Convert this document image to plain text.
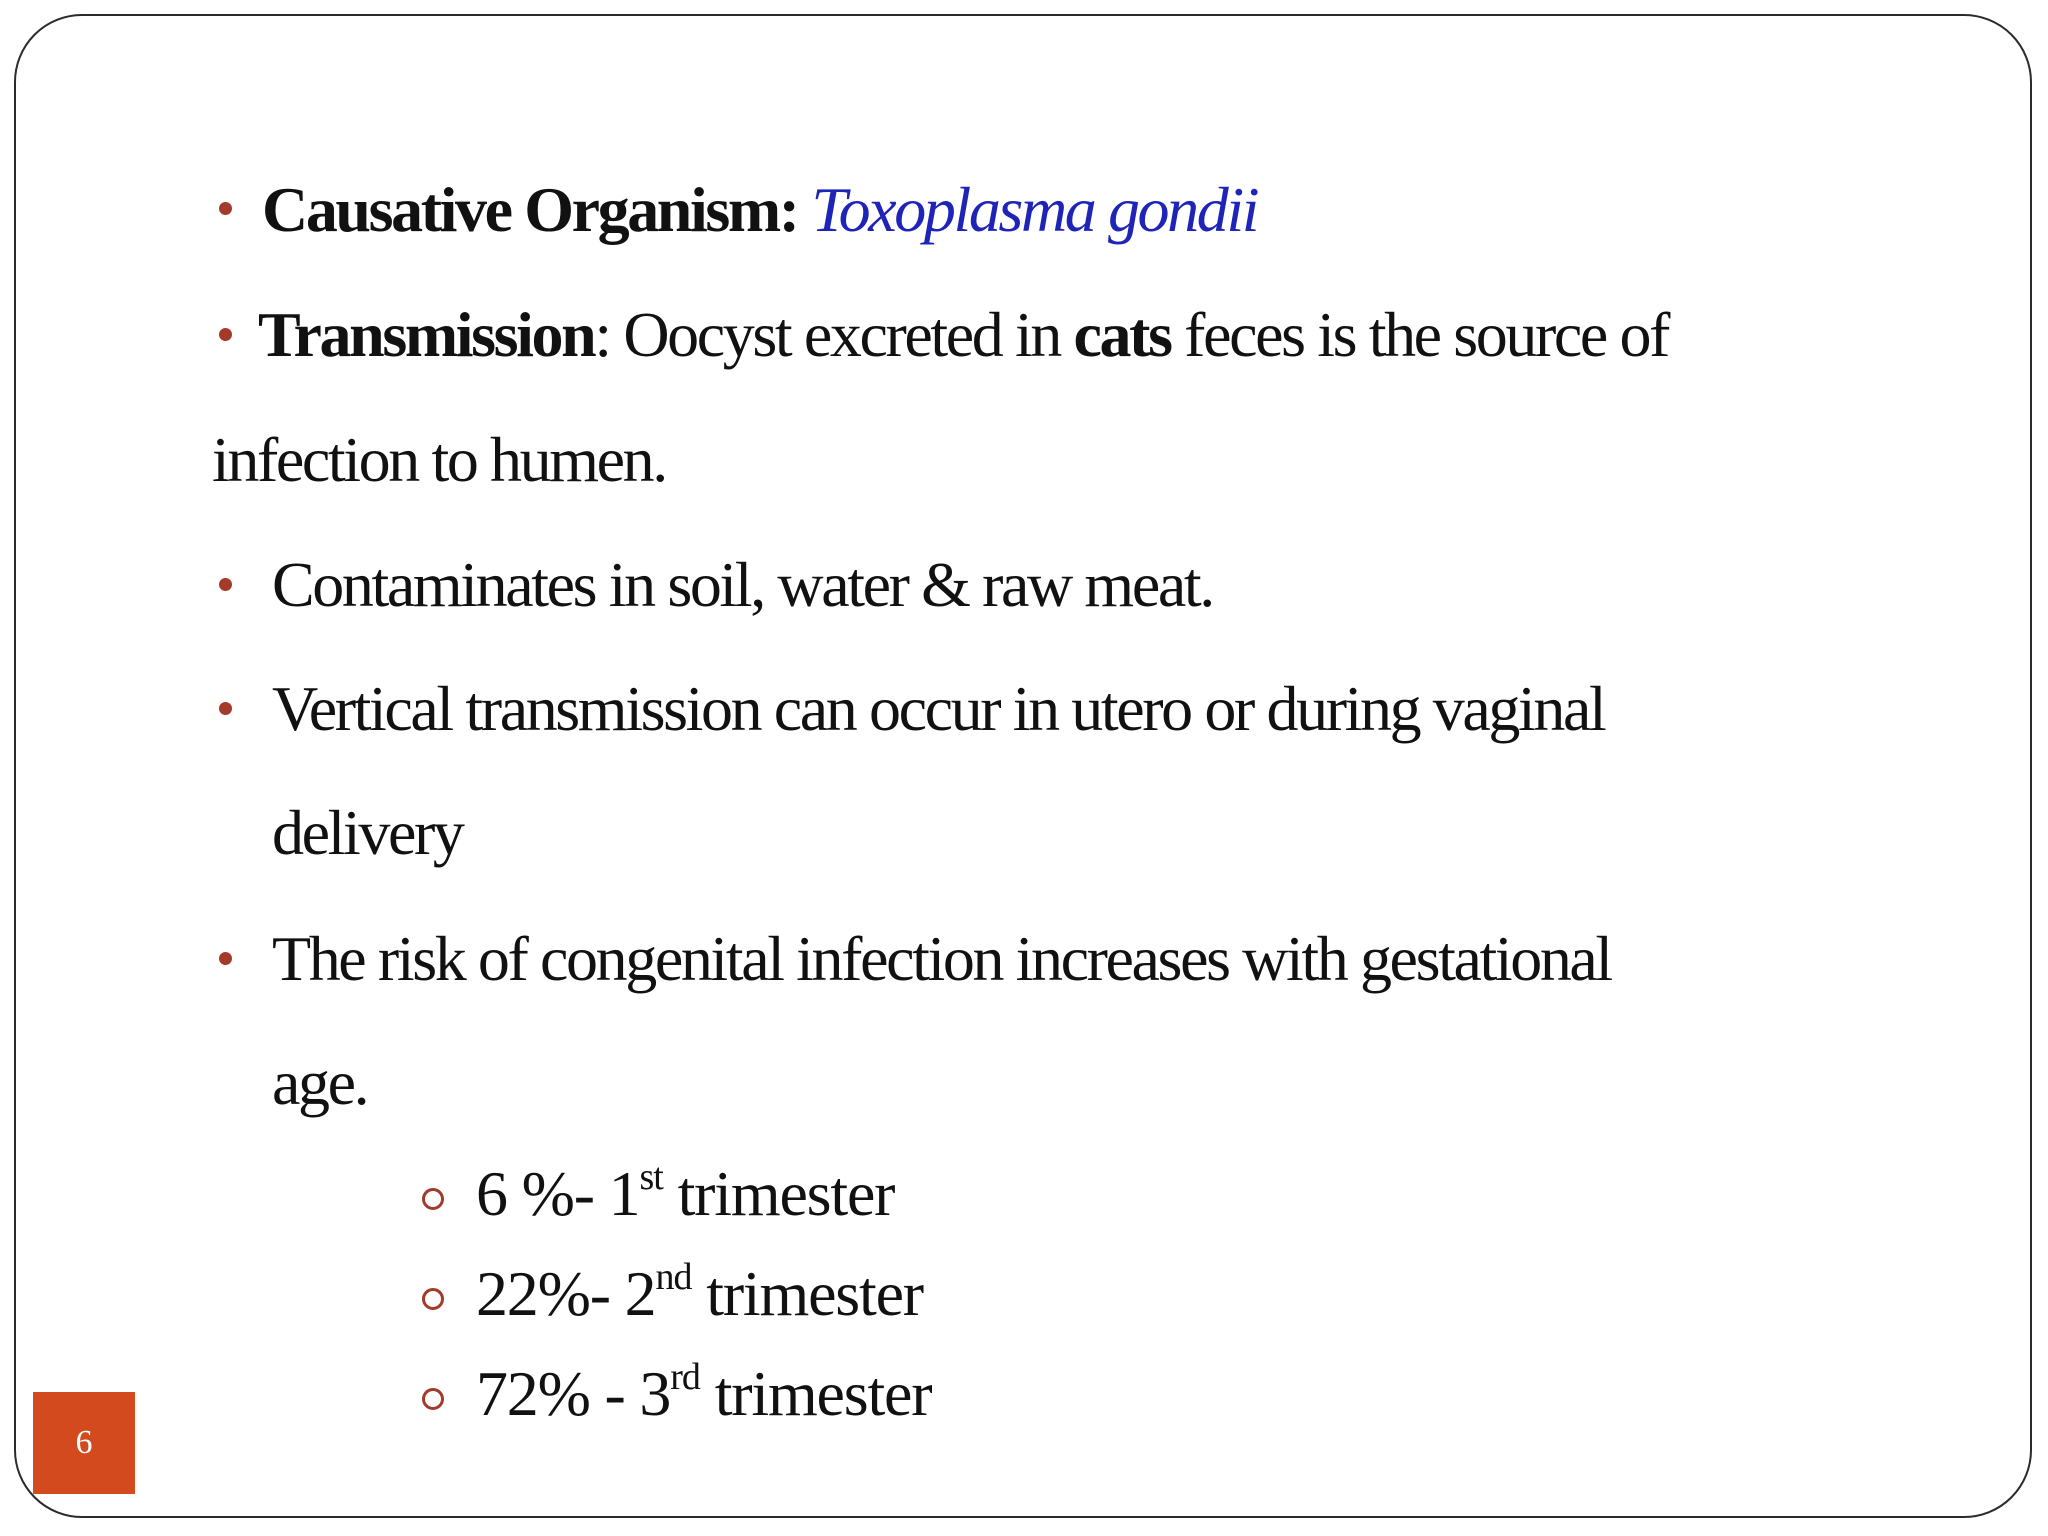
Causative Organism: Toxoplasma gondii
Transmission: Oocyst excreted in cats feces is the source of
infection to humen.
Contaminates in soil, water & raw meat.
Vertical transmission can occur in utero or during vaginal
delivery
The risk of congenital infection increases with gestational
age.
6 %- 1st trimester
22%- 2nd trimester
72% - 3rd trimester
6
